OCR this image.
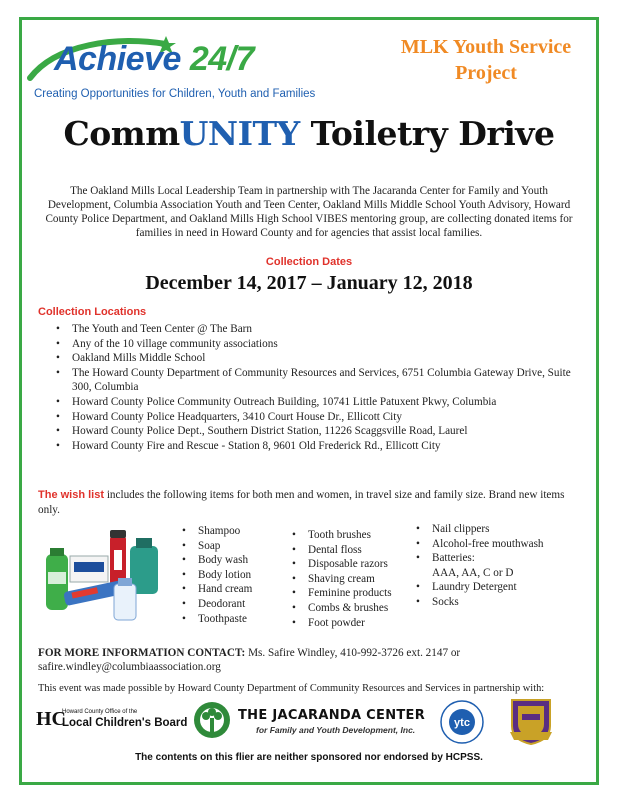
Achieve 24/7
Creating Opportunities for Children, Youth and Families
MLK Youth Service
Project
CommUNITY Toiletry Drive
The Oakland Mills Local Leadership Team in partnership with The Jacaranda Center for Family and Youth Development, Columbia Association Youth and Teen Center, Oakland Mills Middle School Youth Advisory, Howard County Police Department, and Oakland Mills High School VIBES mentoring group, are collecting donated items for families in need in Howard County and for agencies that assist local families.
Collection Dates
December 14, 2017 – January 12, 2018
Collection Locations
• The Youth and Teen Center @ The Barn
• Any of the 10 village community associations
• Oakland Mills Middle School
• The Howard County Department of Community Resources and Services, 6751 Columbia Gateway Drive, Suite 300, Columbia
• Howard County Police Community Outreach Building, 10741 Little Patuxent Pkwy, Columbia
• Howard County Police Headquarters, 3410 Court House Dr., Ellicott City
• Howard County Police Dept., Southern District Station, 11226 Scaggsville Road, Laurel
• Howard County Fire and Rescue - Station 8, 9601 Old Frederick Rd., Ellicott City
The wish list includes the following items for both men and women, in travel size and family size. Brand new items only.
• Shampoo
• Soap
• Body wash
• Body lotion
• Hand cream
• Deodorant
• Toothpaste
• Tooth brushes
• Dental floss
• Disposable razors
• Shaving cream
• Feminine products
• Combs & brushes
• Foot powder
• Nail clippers
• Alcohol-free mouthwash
• Batteries:
AAA, AA, C or D
• Laundry Detergent
• Socks
FOR MORE INFORMATION CONTACT: Ms. Safire Windley, 410-992-3726 ext. 2147 or safire.windley@columbiaassociation.org
This event was made possible by Howard County Department of Community Resources and Services in partnership with:
HC
Howard County Office of the
Local Children's Board	THE JACARANDA CENTER
for Family and Youth Development, Inc.
ytc
The contents on this flier are neither sponsored nor endorsed by HCPSS.
